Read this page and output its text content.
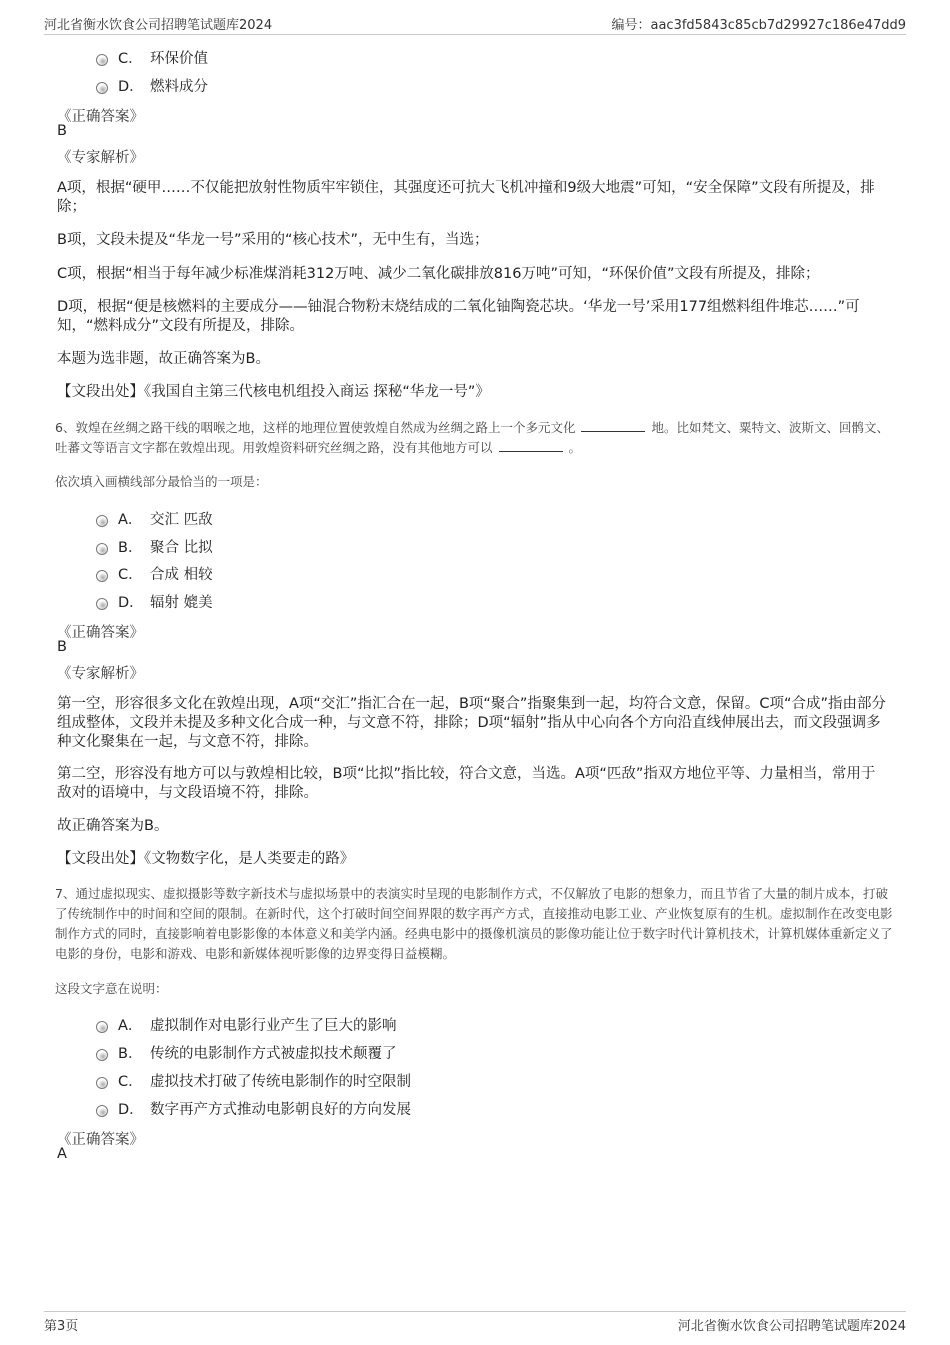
河北省衡水饮食公司招聘笔试题库2024	编号：aac3fd5843c85cb7d29927c186e47dd9
C． 环保价值
D． 燃料成分
《正确答案》
B
《专家解析》
A项，根据“硬甲……不仅能把放射性物质牢牢锁住，其强度还可抗大飞机冲撞和9级大地震”可知，“安全保障”文段有所提及，排除；
B项，文段未提及“华龙一号”采用的“核心技术”，无中生有，当选；
C项，根据“相当于每年减少标准煤消耗312万吨、减少二氧化碳排放816万吨”可知，“环保价值”文段有所提及，排除；
D项，根据“便是核燃料的主要成分——铀混合物粉末烧结成的二氧化铀陶瓷芯块。‘华龙一号’采用177组燃料组件堆芯……”可知，“燃料成分”文段有所提及，排除。
本题为选非题，故正确答案为B。
【文段出处】《我国自主第三代核电机组投入商运 探秘“华龙一号”》
6、敦煌在丝绸之路干线的咽喉之地，这样的地理位置使敦煌自然成为丝绸之路上一个多元文化	地。比如梵文、粟特文、波斯文、回鹘文、吐蕃文等语言文字都在敦煌出现。用敦煌资料研究丝绸之路，没有其他地方可以	。
依次填入画横线部分最恰当的一项是：
A． 交汇 匹敌
B． 聚合 比拟
C． 合成 相较
D． 辐射 媲美
《正确答案》
B
《专家解析》
第一空，形容很多文化在敦煌出现，A项“交汇”指汇合在一起，B项“聚合”指聚集到一起，均符合文意，保留。C项“合成”指由部分组成整体，文段并未提及多种文化合成一种，与文意不符，排除；D项“辐射”指从中心向各个方向沿直线伸展出去，而文段强调多种文化聚集在一起，与文意不符，排除。
第二空，形容没有地方可以与敦煌相比较，B项“比拟”指比较，符合文意，当选。A项“匹敌”指双方地位平等、力量相当，常用于敌对的语境中，与文段语境不符，排除。
故正确答案为B。
【文段出处】《文物数字化，是人类要走的路》
7、通过虚拟现实、虚拟摄影等数字新技术与虚拟场景中的表演实时呈现的电影制作方式，不仅解放了电影的想象力，而且节省了大量的制片成本，打破了传统制作中的时间和空间的限制。在新时代，这个打破时间空间界限的数字再产方式，直接推动电影工业、产业恢复原有的生机。虚拟制作在改变电影制作方式的同时，直接影响着电影影像的本体意义和美学内涵。经典电影中的摄像机演员的影像功能让位于数字时代计算机技术，计算机媒体重新定义了电影的身份，电影和游戏、电影和新媒体视听影像的边界变得日益模糊。
这段文字意在说明：
A． 虚拟制作对电影行业产生了巨大的影响
B． 传统的电影制作方式被虚拟技术颠覆了
C． 虚拟技术打破了传统电影制作的时空限制
D． 数字再产方式推动电影朝良好的方向发展
《正确答案》
A
第3页	河北省衡水饮食公司招聘笔试题库2024
